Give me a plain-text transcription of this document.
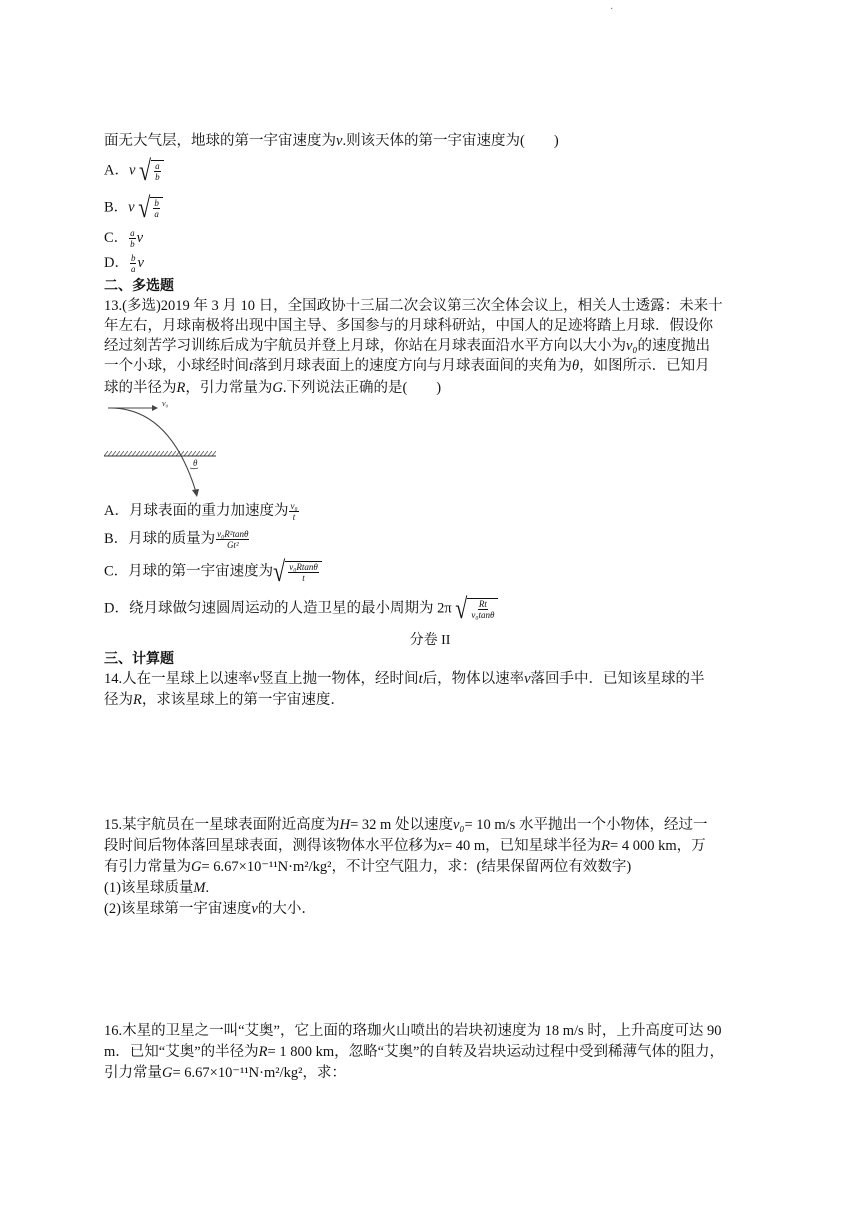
·
面无大气层，地球的第一宇宙速度为v.则该天体的第一宇宙速度为(　　)
A．v √ $\frac{a}{b}$
B．v √ $\frac{b}{a}$
C． $\frac{a}{b}$ v
D． $\frac{b}{a}$ v
二、多选题
13.(多选)2019 年 3 月 10 日，全国政协十三届二次会议第三次全体会议上，相关人士透露：未来十
年左右，月球南极将出现中国主导、多国参与的月球科研站，中国人的足迹将踏上月球．假设你
经过刻苦学习训练后成为宇航员并登上月球，你站在月球表面沿水平方向以大小为v₀的速度抛出
一个小球，小球经时间t落到月球表面上的速度方向与月球表面间的夹角为θ，如图所示．已知月
球的半径为R，引力常量为G.下列说法正确的是(　　)
v₀
θ
A．月球表面的重力加速度为 $\frac{\text{v₀}}{t}$
B．月球的质量为 $\frac{\text{v₀R²tanθ}}{\text{Gt²}}$
C．月球的第一宇宙速度为 √ $\frac{\text{v₀Rtanθ}}{t}$
D．绕月球做匀速圆周运动的人造卫星的最小周期为 2π √ $\frac{Rt}{\text{v₀tanθ}}$
分卷 II
三、计算题
14.人在一星球上以速率v竖直上抛一物体，经时间t后，物体以速率v落回手中．已知该星球的半
径为R，求该星球上的第一宇宙速度．
15.某宇航员在一星球表面附近高度为H= 32 m 处以速度v₀= 10 m/s 水平抛出一个小物体，经过一
段时间后物体落回星球表面，测得该物体水平位移为x= 40 m，已知星球半径为R= 4 000 km，万
有引力常量为G= 6.67×10⁻¹¹N·m²/kg²，不计空气阻力，求：(结果保留两位有效数字)
(1)该星球质量M.
(2)该星球第一宇宙速度v的大小．
16.木星的卫星之一叫“艾奥”，它上面的珞珈火山喷出的岩块初速度为 18 m/s 时，上升高度可达 90
m．已知“艾奥”的半径为R= 1 800 km，忽略“艾奥”的自转及岩块运动过程中受到稀薄气体的阻力，
引力常量G= 6.67×10⁻¹¹N·m²/kg²，求：
